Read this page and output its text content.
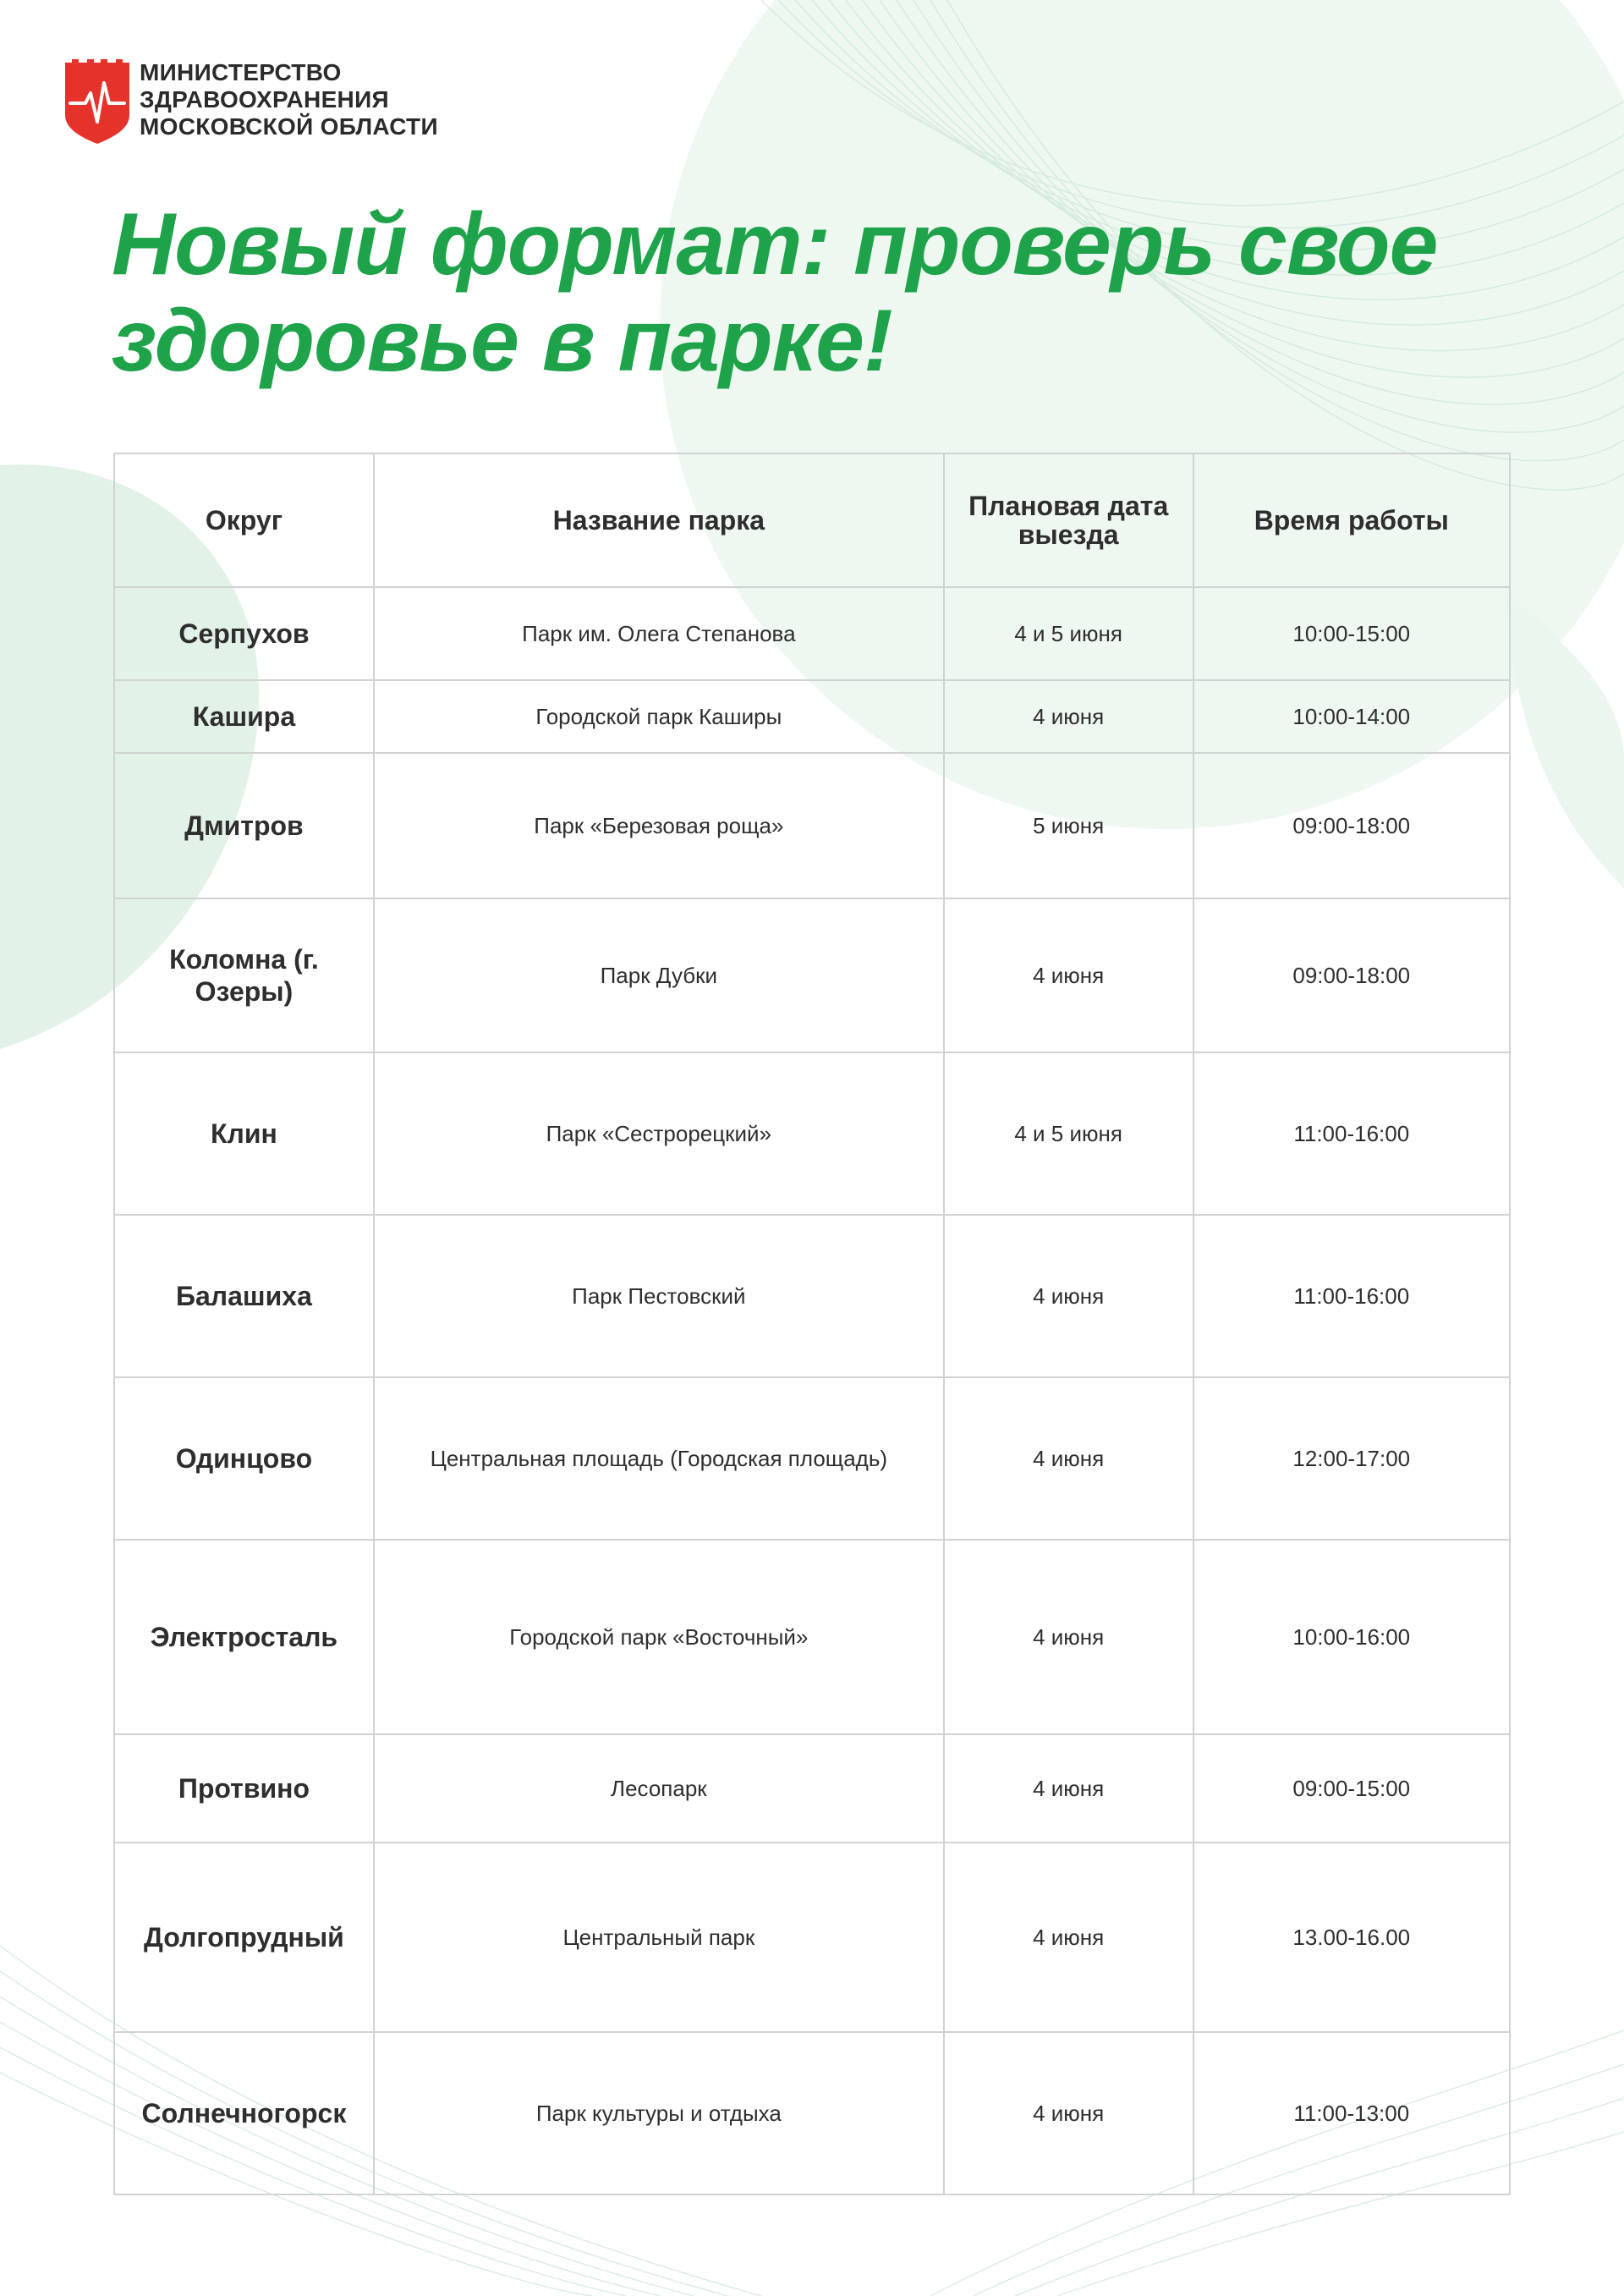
МИНИСТЕРСТВО
ЗДРАВООХРАНЕНИЯ
МОСКОВСКОЙ ОБЛАСТИ
Новый формат: проверь свое
здоровье в парке!
Округ	Название парка	Плановая дата выезда	Время работы
Серпухов	Парк им. Олега Степанова	4 и 5 июня	10:00-15:00
Кашира	Городской парк Каширы	4 июня	10:00-14:00
Дмитров	Парк «Березовая роща»	5 июня	09:00-18:00
Коломна (г. Озеры)	Парк Дубки	4 июня	09:00-18:00
Клин	Парк «Сестрорецкий»	4 и 5 июня	11:00-16:00
Балашиха	Парк Пестовский	4 июня	11:00-16:00
Одинцово	Центральная площадь (Городская площадь)	4 июня	12:00-17:00
Электросталь	Городской парк «Восточный»	4 июня	10:00-16:00
Протвино	Лесопарк	4 июня	09:00-15:00
Долгопрудный	Центральный парк	4 июня	13.00-16.00
Солнечногорск	Парк культуры и отдыха	4 июня	11:00-13:00
